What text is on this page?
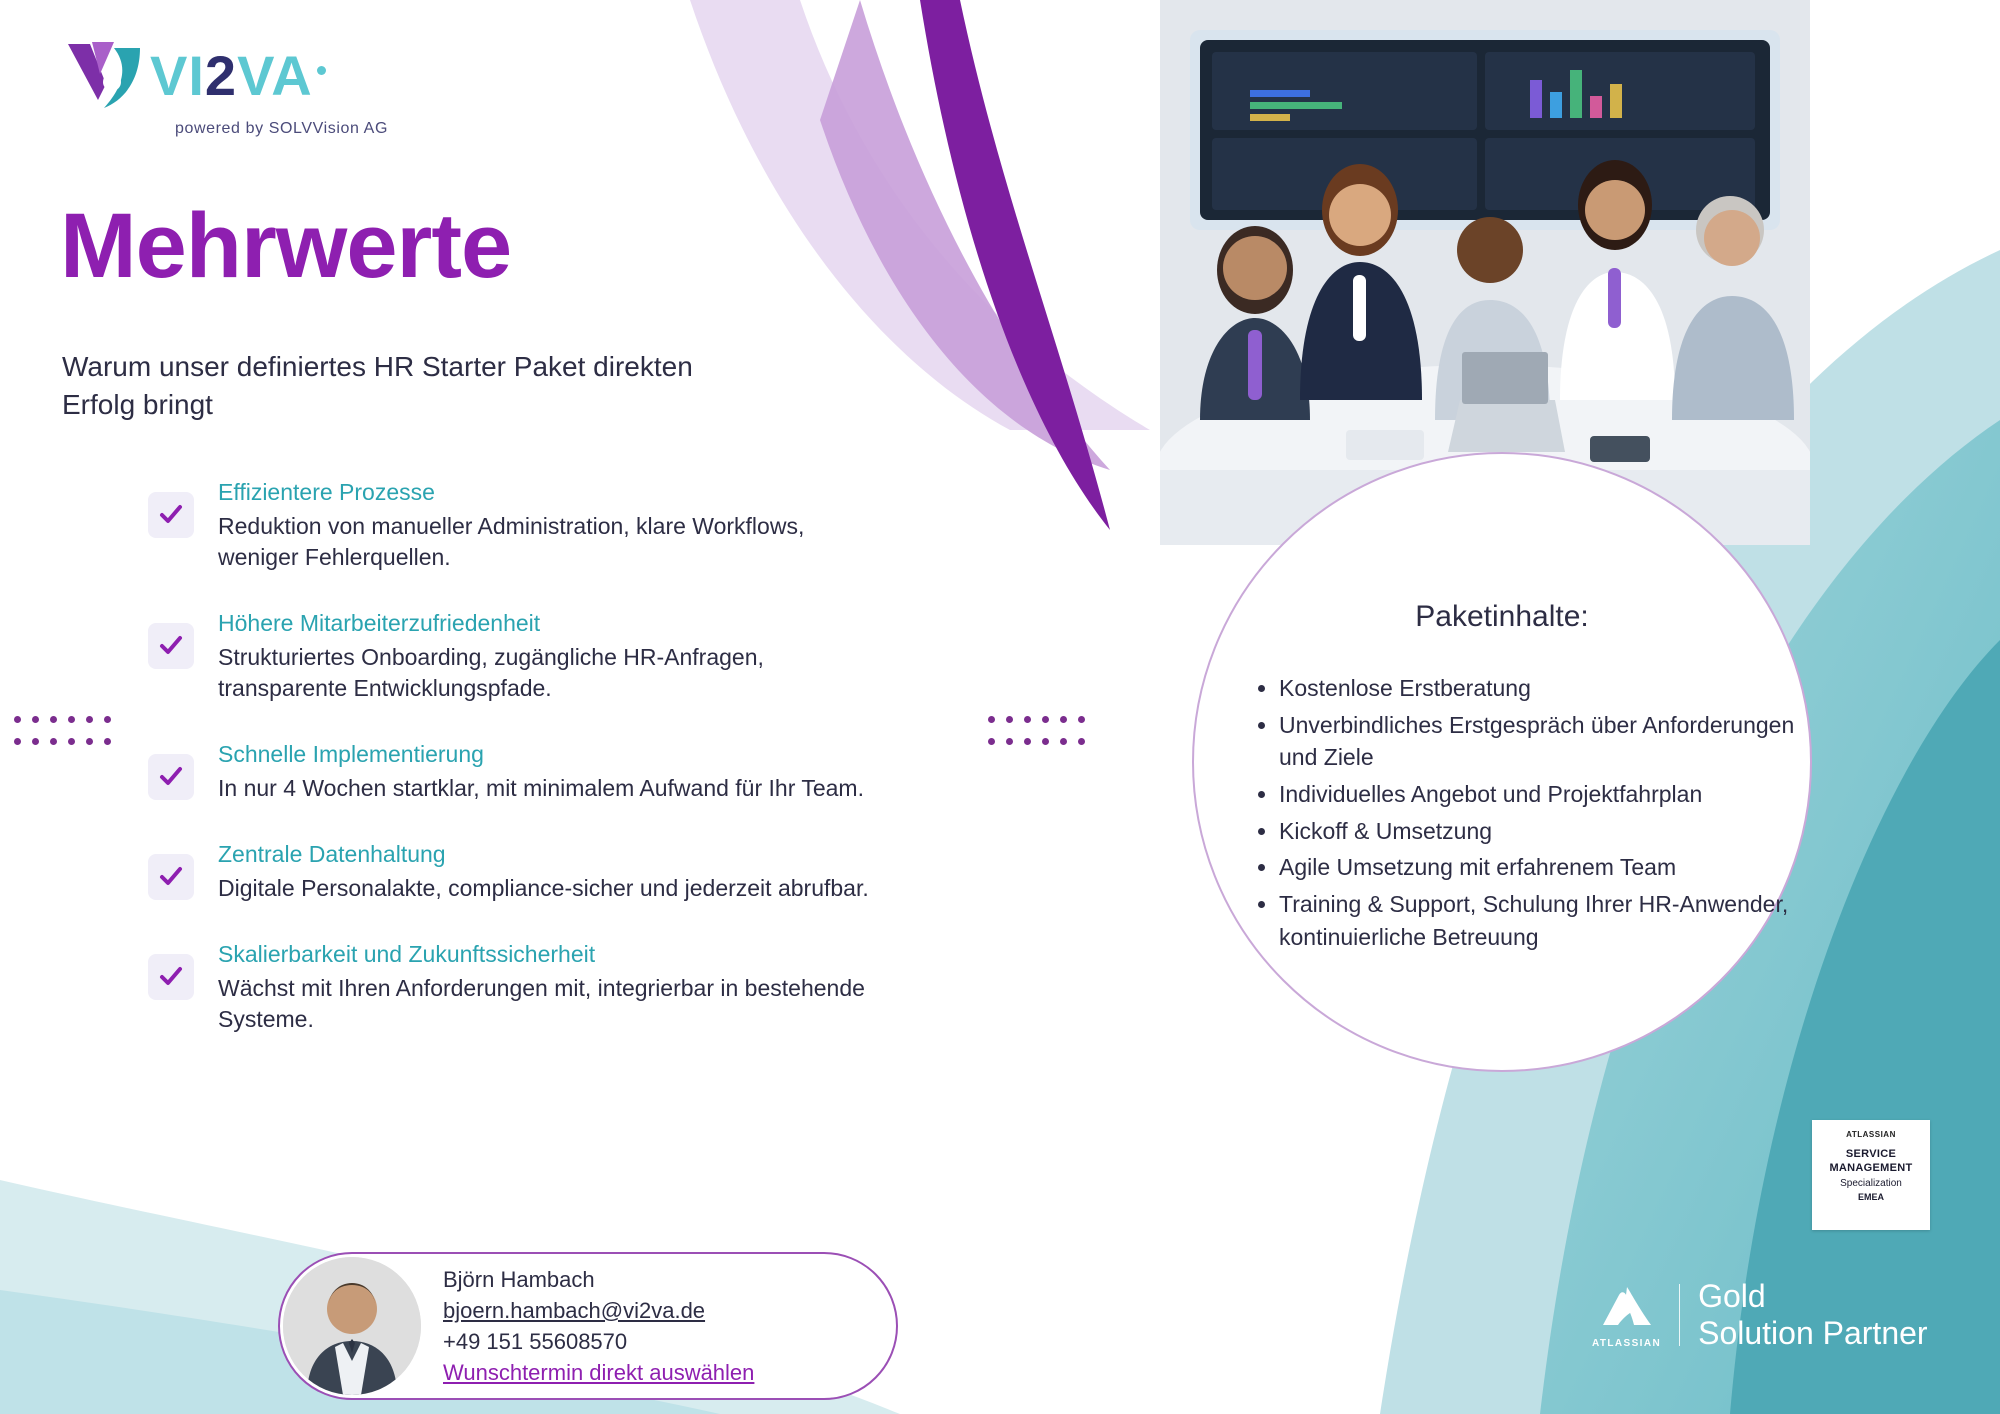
VI2VA
powered by SOLVVision AG
Mehrwerte
Warum unser definiertes HR Starter Paket direkten Erfolg bringt
Effizientere Prozesse
Reduktion von manueller Administration, klare Workflows, weniger Fehlerquellen.
Höhere Mitarbeiterzufriedenheit
Strukturiertes Onboarding, zugängliche HR-Anfragen, transparente Entwicklungspfade.
Schnelle Implementierung
In nur 4 Wochen startklar, mit minimalem Aufwand für Ihr Team.
Zentrale Datenhaltung
Digitale Personalakte, compliance-sicher und jederzeit abrufbar.
Skalierbarkeit und Zukunftssicherheit
Wächst mit Ihren Anforderungen mit, integrierbar in bestehende Systeme.
Paketinhalte:
• Kostenlose Erstberatung
• Unverbindliches Erstgespräch über Anforderungen und Ziele
• Individuelles Angebot und Projektfahrplan
• Kickoff & Umsetzung
• Agile Umsetzung mit erfahrenem Team
• Training & Support, Schulung Ihrer HR-Anwender, kontinuierliche Betreuung
Björn Hambach
bjoern.hambach@vi2va.de
+49 151 55608570
Wunschtermin direkt auswählen
ATLASSIAN
SERVICE
MANAGEMENT
Specialization
EMEA
ATLASSIAN
Gold
Solution Partner
